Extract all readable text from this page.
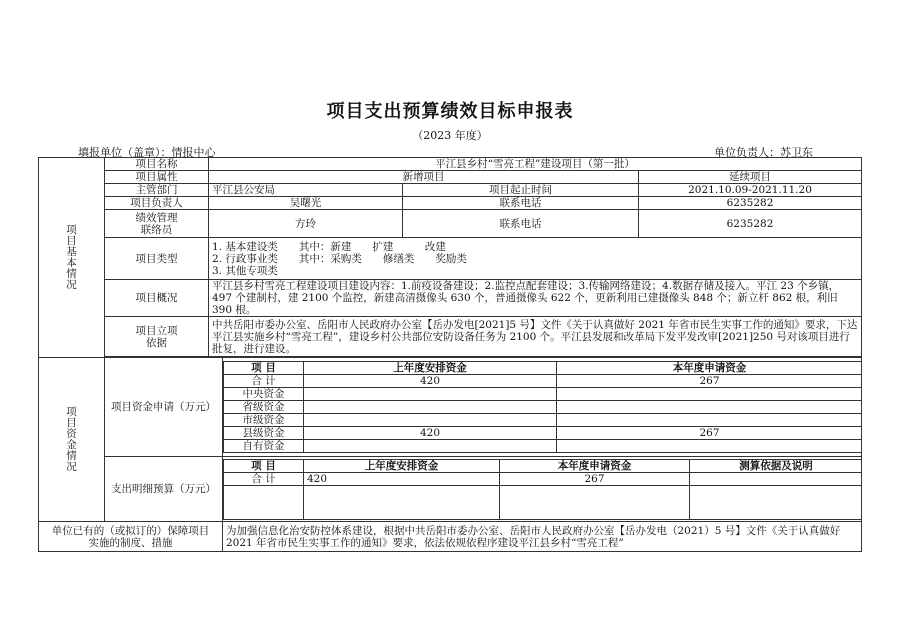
项目支出预算绩效目标申报表
（2023 年度）
填报单位（盖章）：情报中心	单位负责人：苏卫东
项目基本情况
	项目名称	平江县乡村“雪亮工程”建设项目（第一批）
项目属性	新增项目	延续项目
主管部门	平江县公安局	项目起止时间	2021.10.09-2021.11.20
项目负责人	吴曙光	联系电话	6235282

绩效管理
联络员	方玲	联系电话	6235282
项目类型	
1. 基本建设类　　其中：新建　　扩建　　　改建
2. 行政事业类　　其中：采购类　　修缮类　　奖励类
3. 其他专项类

项目概况	平江县乡村雪亮工程建设项目建设内容：1.前疫设备建设；2.监控点配套建设；3.传输网络建设；4.数据存储及接入。平江 23 个乡镇，497 个建制村，建 2100 个监控，新建高清摄像头 630 个，普通摄像头 622 个，更新利用已建摄像头 848 个；新立杆 862 根，利旧 390 根。

项目立项
依据
	中共岳阳市委办公室、岳阳市人民政府办公室【岳办发电[2021]5 号】文件《关于认真做好 2021 年省市民生实事工作的通知》要求，下达平江县实施乡村“雪亮工程”，建设乡村公共部位安防设备任务为 2100 个。平江县发展和改革局下发平发改审[2021]250 号对该项目进行批复，进行建设。

项目资金情况
	项目资金申请（万元）	
项 目	上年度安排资金	本年度申请资金
合 计	420	267
中央资金		
省级资金		
市级资金		
县级资金	420	267
自有资金		

支出明细预算（万元）	
项 目	上年度安排资金	本年度申请资金	测算依据及说明
合 计	420	267	

单位已有的（或拟订的）保障项目
实施的制度、措施
	为加强信息化治安防控体系建设，根据中共岳阳市委办公室、岳阳市人民政府办公室【岳办发电（2021）5 号】文件《关于认真做好 2021 年省市民生实事工作的通知》要求，依法依规依程序建设平江县乡村“雪亮工程”
